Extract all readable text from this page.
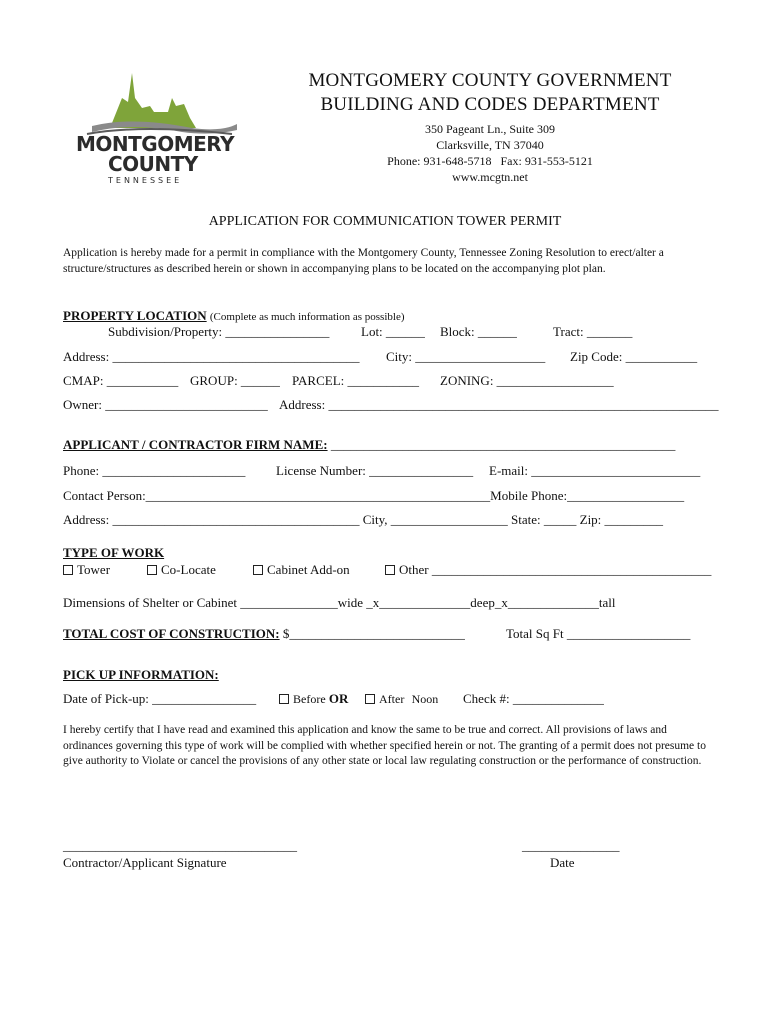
MONTGOMERY
COUNTY
TENNESSEE
MONTGOMERY COUNTY GOVERNMENT
BUILDING AND CODES DEPARTMENT
350 Pageant Ln., Suite 309
Clarksville, TN 37040
Phone: 931-648-5718   Fax: 931-553-5121
www.mcgtn.net
APPLICATION FOR COMMUNICATION TOWER PERMIT
Application is hereby made for a permit in compliance with the Montgomery County, Tennessee Zoning Resolution to erect/alter a structure/structures as described herein or shown in accompanying plans to be located on the accompanying plot plan.
PROPERTY LOCATION (Complete as much information as possible)
Subdivision/Property: ________________ Lot: ______ Block: ______	Tract: _______
Address: ______________________________________ City: ____________________ Zip Code: ___________
CMAP: ___________ GROUP: ______ PARCEL: ___________ ZONING: __________________
Owner: _________________________ Address: ____________________________________________________________
APPLICANT / CONTRACTOR FIRM NAME: _____________________________________________________
Phone: ______________________ License Number: ________________ E-mail: __________________________
Contact Person:_____________________________________________________Mobile Phone:__________________
Address: ______________________________________ City, __________________ State: _____ Zip: _________
TYPE OF WORK
Tower	Co-Locate	Cabinet Add-on	Other ___________________________________________
Dimensions of Shelter or Cabinet _______________wide _x______________deep_x______________tall
TOTAL COST OF CONSTRUCTION: $___________________________	Total Sq Ft ___________________
PICK UP INFORMATION:
Date of Pick-up: ________________	Before OR	After Noon Check #: ______________
I hereby certify that I have read and examined this application and know the same to be true and correct. All provisions of laws and ordinances governing this type of work will be complied with whether specified herein or not. The granting of a permit does not presume to give authority to Violate or cancel the provisions of any other state or local law regulating construction or the performance of construction.
____________________________________
Contractor/Applicant Signature
_______________
Date
